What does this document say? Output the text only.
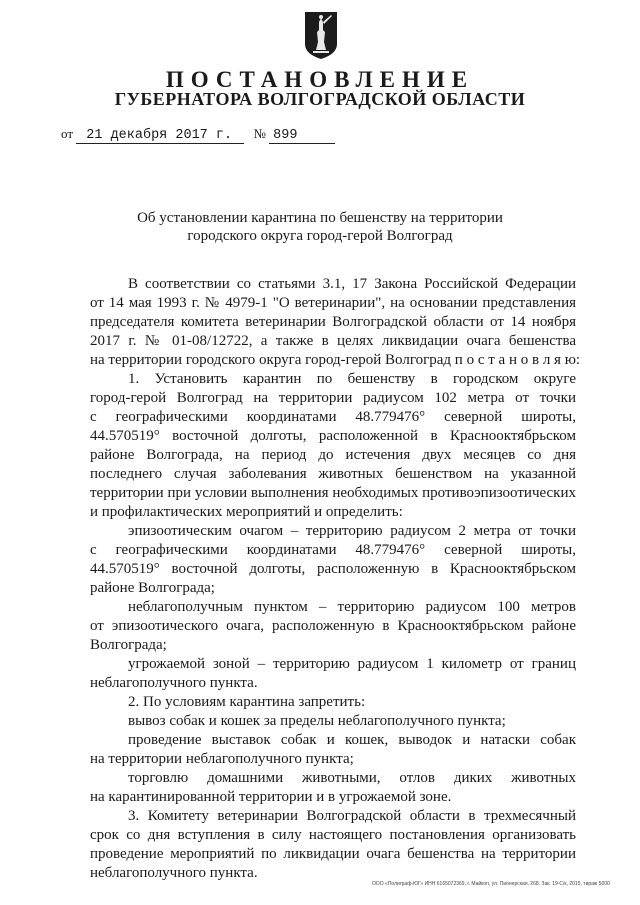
ПОСТАНОВЛЕНИЕ
ГУБЕРНАТОРА ВОЛГОГРАДСКОЙ ОБЛАСТИ
от 21 декабря 2017 г. № 899
Об установлении карантина по бешенству на территории
городского округа город-герой Волгоград
В соответствии со статьями 3.1, 17 Закона Российской Федерации
от 14 мая 1993 г. № 4979-1 "О ветеринарии", на основании представления
председателя комитета ветеринарии Волгоградской области от 14 ноября
2017 г. № 01-08/12722, а также в целях ликвидации очага бешенства
на территории городского округа город-герой Волгоград п о с т а н о в л я ю:
1. Установить карантин по бешенству в городском округе
город-герой Волгоград на территории радиусом 102 метра от точки
с географическими координатами 48.779476° северной широты,
44.570519° восточной долготы, расположенной в Краснооктябрьском
районе Волгограда, на период до истечения двух месяцев со дня
последнего случая заболевания животных бешенством на указанной
территории при условии выполнения необходимых противоэпизоотических
и профилактических мероприятий и определить:
эпизоотическим очагом – территорию радиусом 2 метра от точки
с географическими координатами 48.779476° северной широты,
44.570519° восточной долготы, расположенную в Краснооктябрьском
районе Волгограда;
неблагополучным пунктом – территорию радиусом 100 метров
от эпизоотического очага, расположенную в Краснооктябрьском районе
Волгограда;
угрожаемой зоной – территорию радиусом 1 километр от границ
неблагополучного пункта.
2. По условиям карантина запретить:
вывоз собак и кошек за пределы неблагополучного пункта;
проведение выставок собак и кошек, выводок и натаски собак
на территории неблагополучного пункта;
торговлю домашними животными, отлов диких животных
на карантинированной территории и в угрожаемой зоне.
3. Комитету ветеринарии Волгоградской области в трехмесячный
срок со дня вступления в силу настоящего постановления организовать
проведение мероприятий по ликвидации очага бешенства на территории
неблагополучного пункта.
ООО «Полиграф-ЮГ» ИНН 6165072369, г. Майкоп, ул. Пионерская, 268. Зак. 19-С/к, 2015, тираж 5000
